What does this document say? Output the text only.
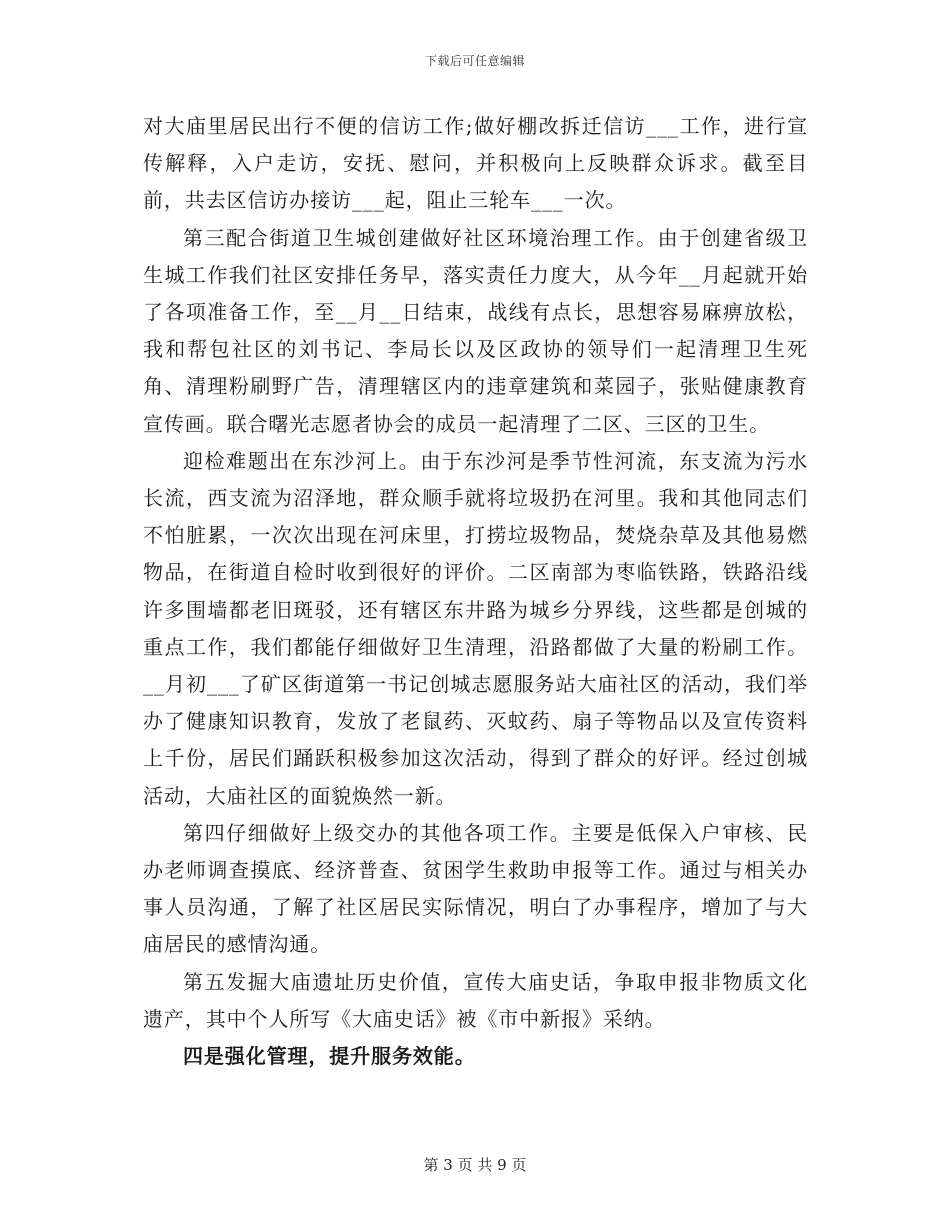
下载后可任意编辑

对大庙里居民出行不便的信访工作;做好棚改拆迁信访___工作，进行宣传解释，入户走访，安抚、慰问，并积极向上反映群众诉求。截至目前，共去区信访办接访___起，阻止三轮车___一次。

第三配合街道卫生城创建做好社区环境治理工作。由于创建省级卫生城工作我们社区安排任务早，落实责任力度大，从今年__月起就开始了各项准备工作，至__月__日结束，战线有点长，思想容易麻痹放松，我和帮包社区的刘书记、李局长以及区政协的领导们一起清理卫生死角、清理粉刷野广告，清理辖区内的违章建筑和菜园子，张贴健康教育宣传画。联合曙光志愿者协会的成员一起清理了二区、三区的卫生。

迎检难题出在东沙河上。由于东沙河是季节性河流，东支流为污水长流，西支流为沼泽地，群众顺手就将垃圾扔在河里。我和其他同志们不怕脏累，一次次出现在河床里，打捞垃圾物品，焚烧杂草及其他易燃物品，在街道自检时收到很好的评价。二区南部为枣临铁路，铁路沿线许多围墙都老旧斑驳，还有辖区东井路为城乡分界线，这些都是创城的重点工作，我们都能仔细做好卫生清理，沿路都做了大量的粉刷工作。__月初___了矿区街道第一书记创城志愿服务站大庙社区的活动，我们举办了健康知识教育，发放了老鼠药、灭蚊药、扇子等物品以及宣传资料上千份，居民们踊跃积极参加这次活动，得到了群众的好评。经过创城活动，大庙社区的面貌焕然一新。

第四仔细做好上级交办的其他各项工作。主要是低保入户审核、民办老师调查摸底、经济普查、贫困学生救助申报等工作。通过与相关办事人员沟通，了解了社区居民实际情况，明白了办事程序，增加了与大庙居民的感情沟通。

第五发掘大庙遗址历史价值，宣传大庙史话，争取申报非物质文化遗产，其中个人所写《大庙史话》被《市中新报》采纳。

四是强化管理，提升服务效能。

第 3 页 共 9 页
